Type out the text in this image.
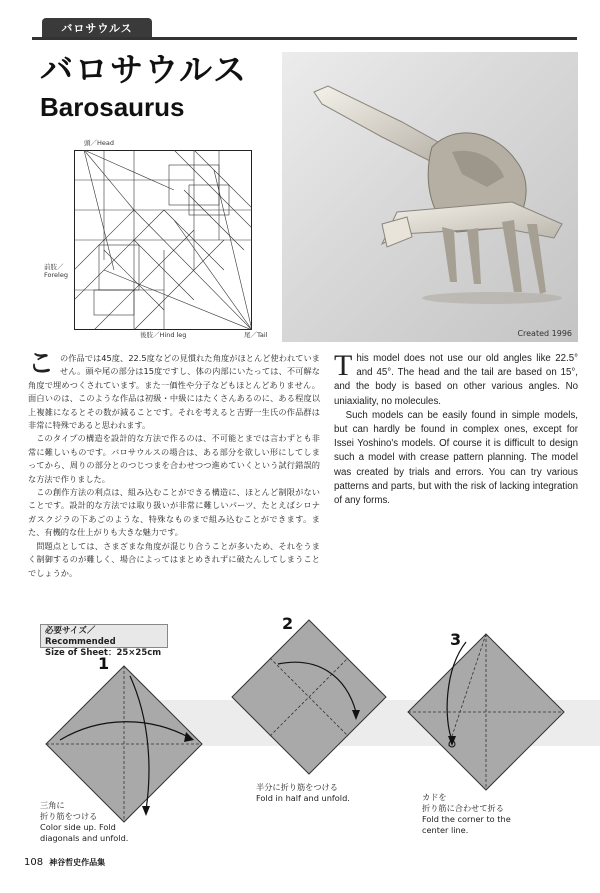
バロサウルス
バロサウルス
Barosaurus
頭／Head
前肢／Foreleg
後肢／Hind leg	尾／Tail	Created 1996

この作品では45度、22.5度などの見慣れた角度がほとんど使われていません。頭や尾の部分は15度ですし、体の内部にいたっては、不可解な角度で埋めつくされています。また一価性や分子などもほとんどありません。面白いのは、このような作品は初級・中級にはたくさんあるのに、ある程度以上複雑になるとその数が減ることです。それを考えると吉野一生氏の作品群は非常に特殊であると思われます。

このタイプの構造を設計的な方法で作るのは、不可能とまでは言わずとも非常に難しいものです。バロサウルスの場合は、ある部分を欲しい形にしてしまってから、周りの部分とのつじつまを合わせつつ進めていくという試行錯誤的な方法で作りました。

この創作方法の利点は、組み込むことができる構造に、ほとんど制限がないことです。設計的な方法では取り扱いが非常に難しいパーツ、たとえばシロナガスクジラの下あごのような、特殊なものまで組み込むことができます。また、有機的な仕上がりも大きな魅力です。

問題点としては、さまざまな角度が混じり合うことが多いため、それをうまく制御するのが難しく、場合によってはまとめきれずに破たんしてしまうことでしょうか。

This model does not use our old angles like 22.5° and 45°. The head and the tail are based on 15°, and the body is based on other various angles. No uniaxiality, no molecules.

Such models can be easily found in simple models, but can hardly be found in complex ones, except for Issei Yoshino's models. Of course it is difficult to design such a model with crease pattern planning. The model was created by trials and errors. You can try various patterns and parts, but with the risk of lacking integration of any forms.

必要サイズ／Recommended
Size of Sheet：25×25cm
1
三角に
折り筋をつける
Color side up. Fold
diagonals and unfold.
2
半分に折り筋をつける
Fold in half and unfold.
3
カドを
折り筋に合わせて折る
Fold the corner to the
center line.
108 神谷哲史作品集
